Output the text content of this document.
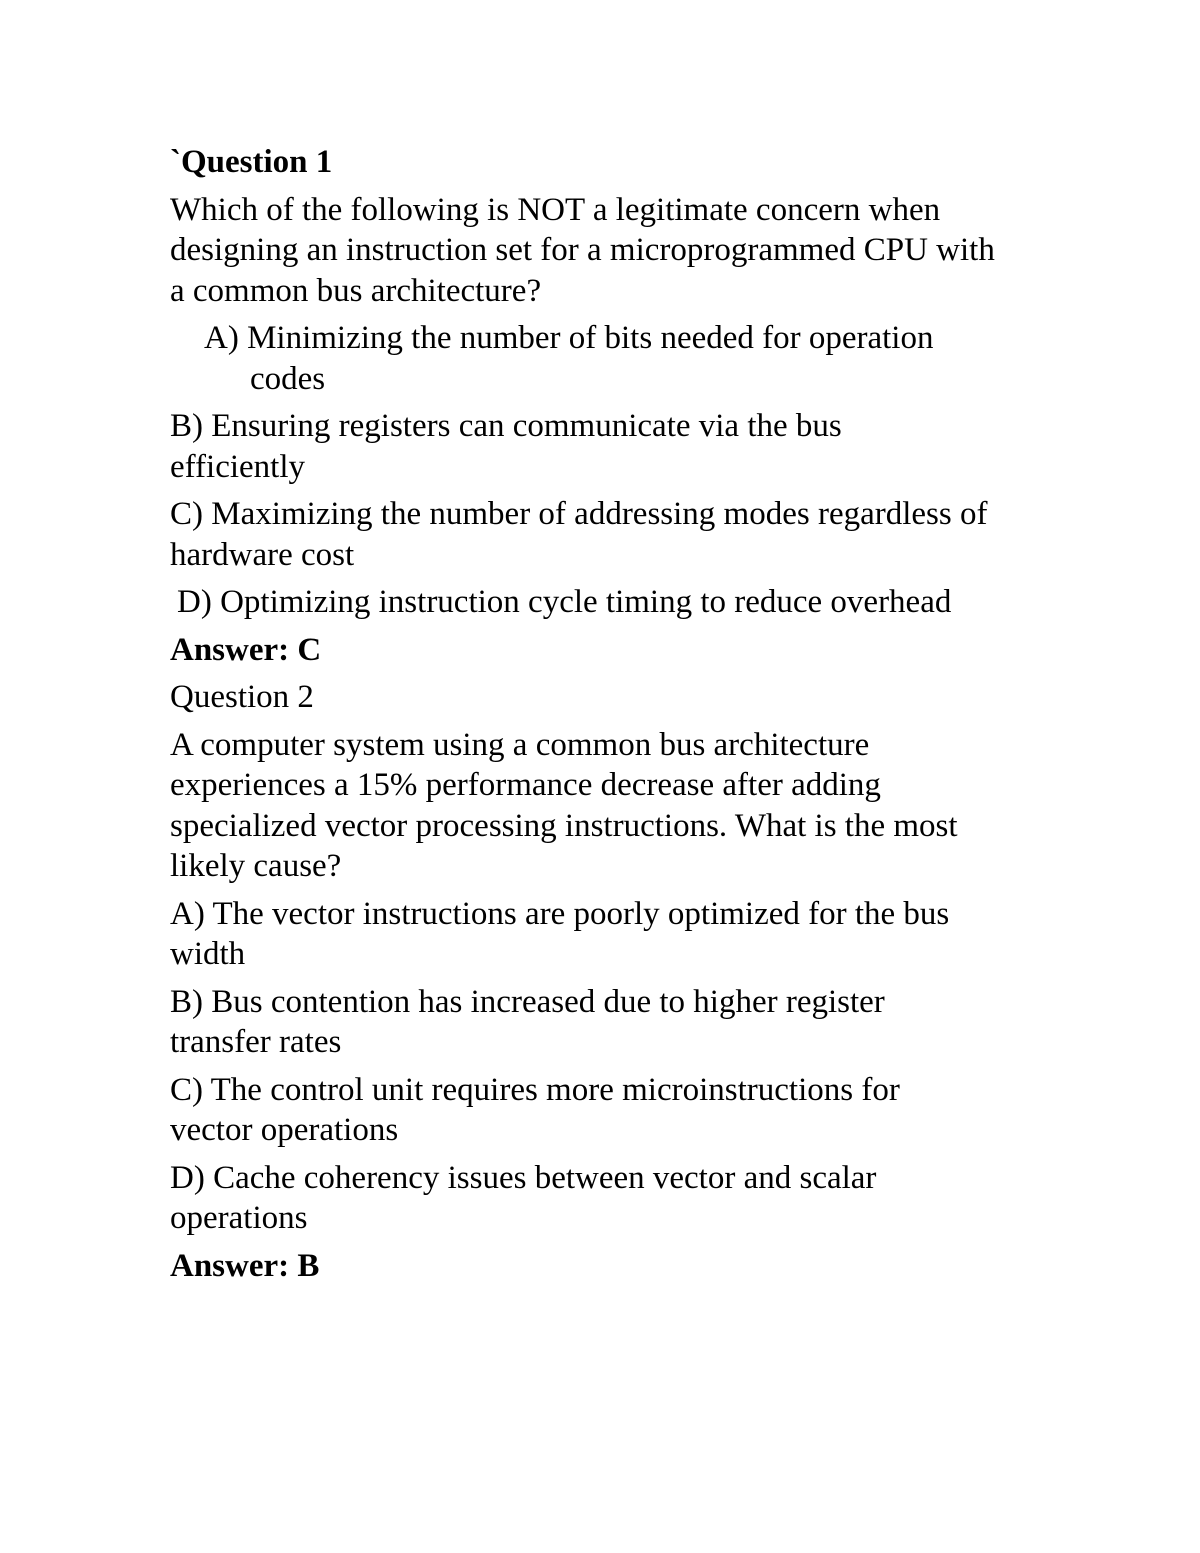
`Question 1

Which of the following is NOT a legitimate concern when designing an instruction set for a microprogrammed CPU with a common bus architecture?

A) Minimizing the number of bits needed for operation codes

B) Ensuring registers can communicate via the bus efficiently

C) Maximizing the number of addressing modes regardless of hardware cost

D) Optimizing instruction cycle timing to reduce overhead

Answer: C

Question 2

A computer system using a common bus architecture experiences a 15% performance decrease after adding specialized vector processing instructions. What is the most likely cause?

A) The vector instructions are poorly optimized for the bus width

B) Bus contention has increased due to higher register transfer rates

C) The control unit requires more microinstructions for vector operations

D) Cache coherency issues between vector and scalar operations

Answer: B
